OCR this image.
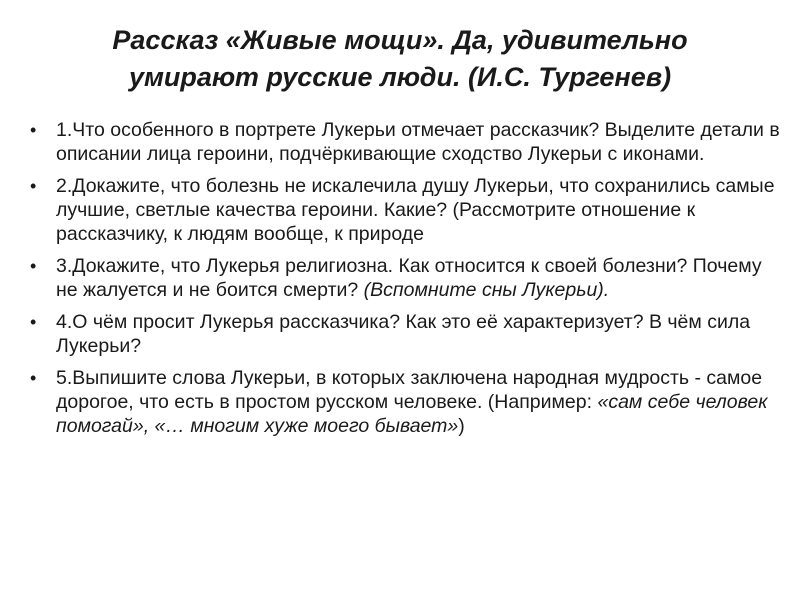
Рассказ «Живые мощи». Да, удивительно
умирают русские люди. (И.С. Тургенев)
• 1.Что особенного в портрете Лукерьи отмечает рассказчик? Выделите детали в описании лица героини, подчёркивающие сходство Лукерьи с иконами.
• 2.Докажите, что болезнь не искалечила душу Лукерьи, что сохранились самые лучшие, светлые качества героини. Какие? (Рассмотрите отношение к рассказчику, к людям вообще, к природе
• 3.Докажите, что Лукерья религиозна. Как относится к своей болезни? Почему не жалуется и не боится смерти? (Вспомните сны Лукерьи).
• 4.О чём просит Лукерья рассказчика? Как это её характеризует? В чём сила Лукерьи?
• 5.Выпишите слова Лукерьи, в которых заключена народная мудрость - самое дорогое, что есть в простом русском человеке. (Например: «сам себе человек помогай», «… многим хуже моего бывает»)
